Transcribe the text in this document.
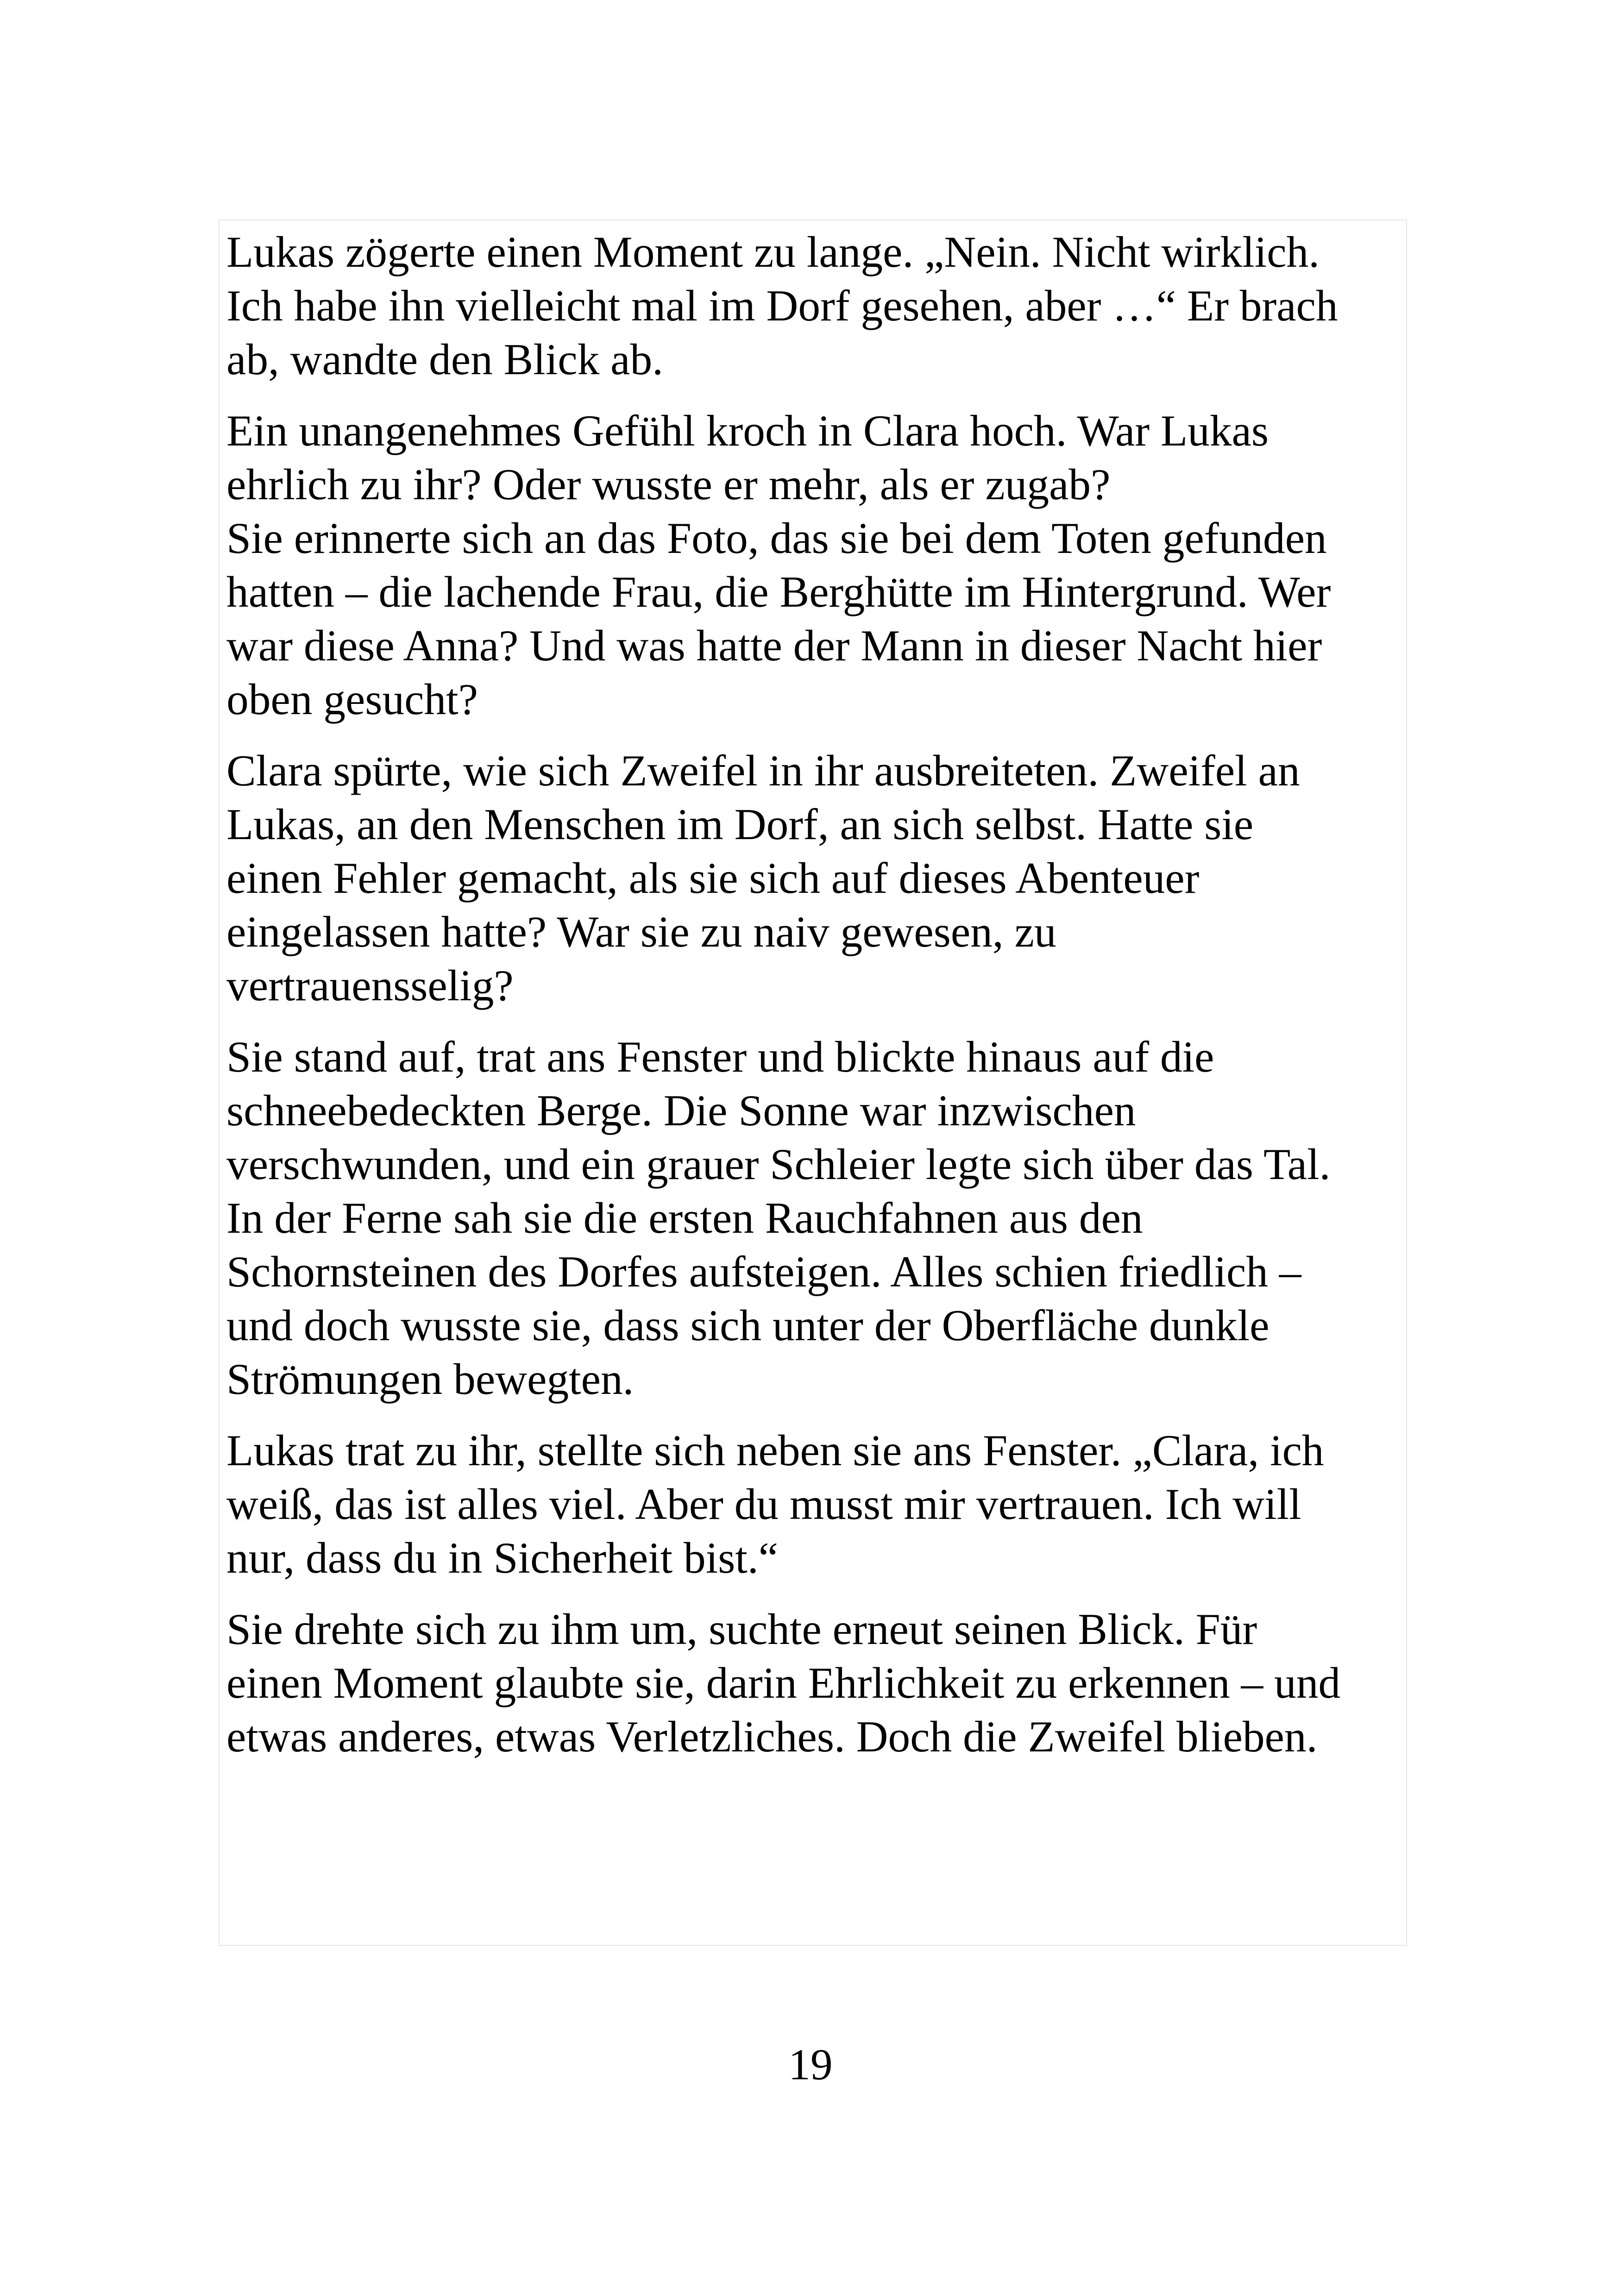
Lukas zögerte einen Moment zu lange. „Nein. Nicht wirklich.
Ich habe ihn vielleicht mal im Dorf gesehen, aber …“ Er brach
ab, wandte den Blick ab.

Ein unangenehmes Gefühl kroch in Clara hoch. War Lukas
ehrlich zu ihr? Oder wusste er mehr, als er zugab?
Sie erinnerte sich an das Foto, das sie bei dem Toten gefunden
hatten – die lachende Frau, die Berghütte im Hintergrund. Wer
war diese Anna? Und was hatte der Mann in dieser Nacht hier
oben gesucht?

Clara spürte, wie sich Zweifel in ihr ausbreiteten. Zweifel an
Lukas, an den Menschen im Dorf, an sich selbst. Hatte sie
einen Fehler gemacht, als sie sich auf dieses Abenteuer
eingelassen hatte? War sie zu naiv gewesen, zu
vertrauensselig?

Sie stand auf, trat ans Fenster und blickte hinaus auf die
schneebedeckten Berge. Die Sonne war inzwischen
verschwunden, und ein grauer Schleier legte sich über das Tal.
In der Ferne sah sie die ersten Rauchfahnen aus den
Schornsteinen des Dorfes aufsteigen. Alles schien friedlich –
und doch wusste sie, dass sich unter der Oberfläche dunkle
Strömungen bewegten.

Lukas trat zu ihr, stellte sich neben sie ans Fenster. „Clara, ich
weiß, das ist alles viel. Aber du musst mir vertrauen. Ich will
nur, dass du in Sicherheit bist.“

Sie drehte sich zu ihm um, suchte erneut seinen Blick. Für
einen Moment glaubte sie, darin Ehrlichkeit zu erkennen – und
etwas anderes, etwas Verletzliches. Doch die Zweifel blieben.

19
